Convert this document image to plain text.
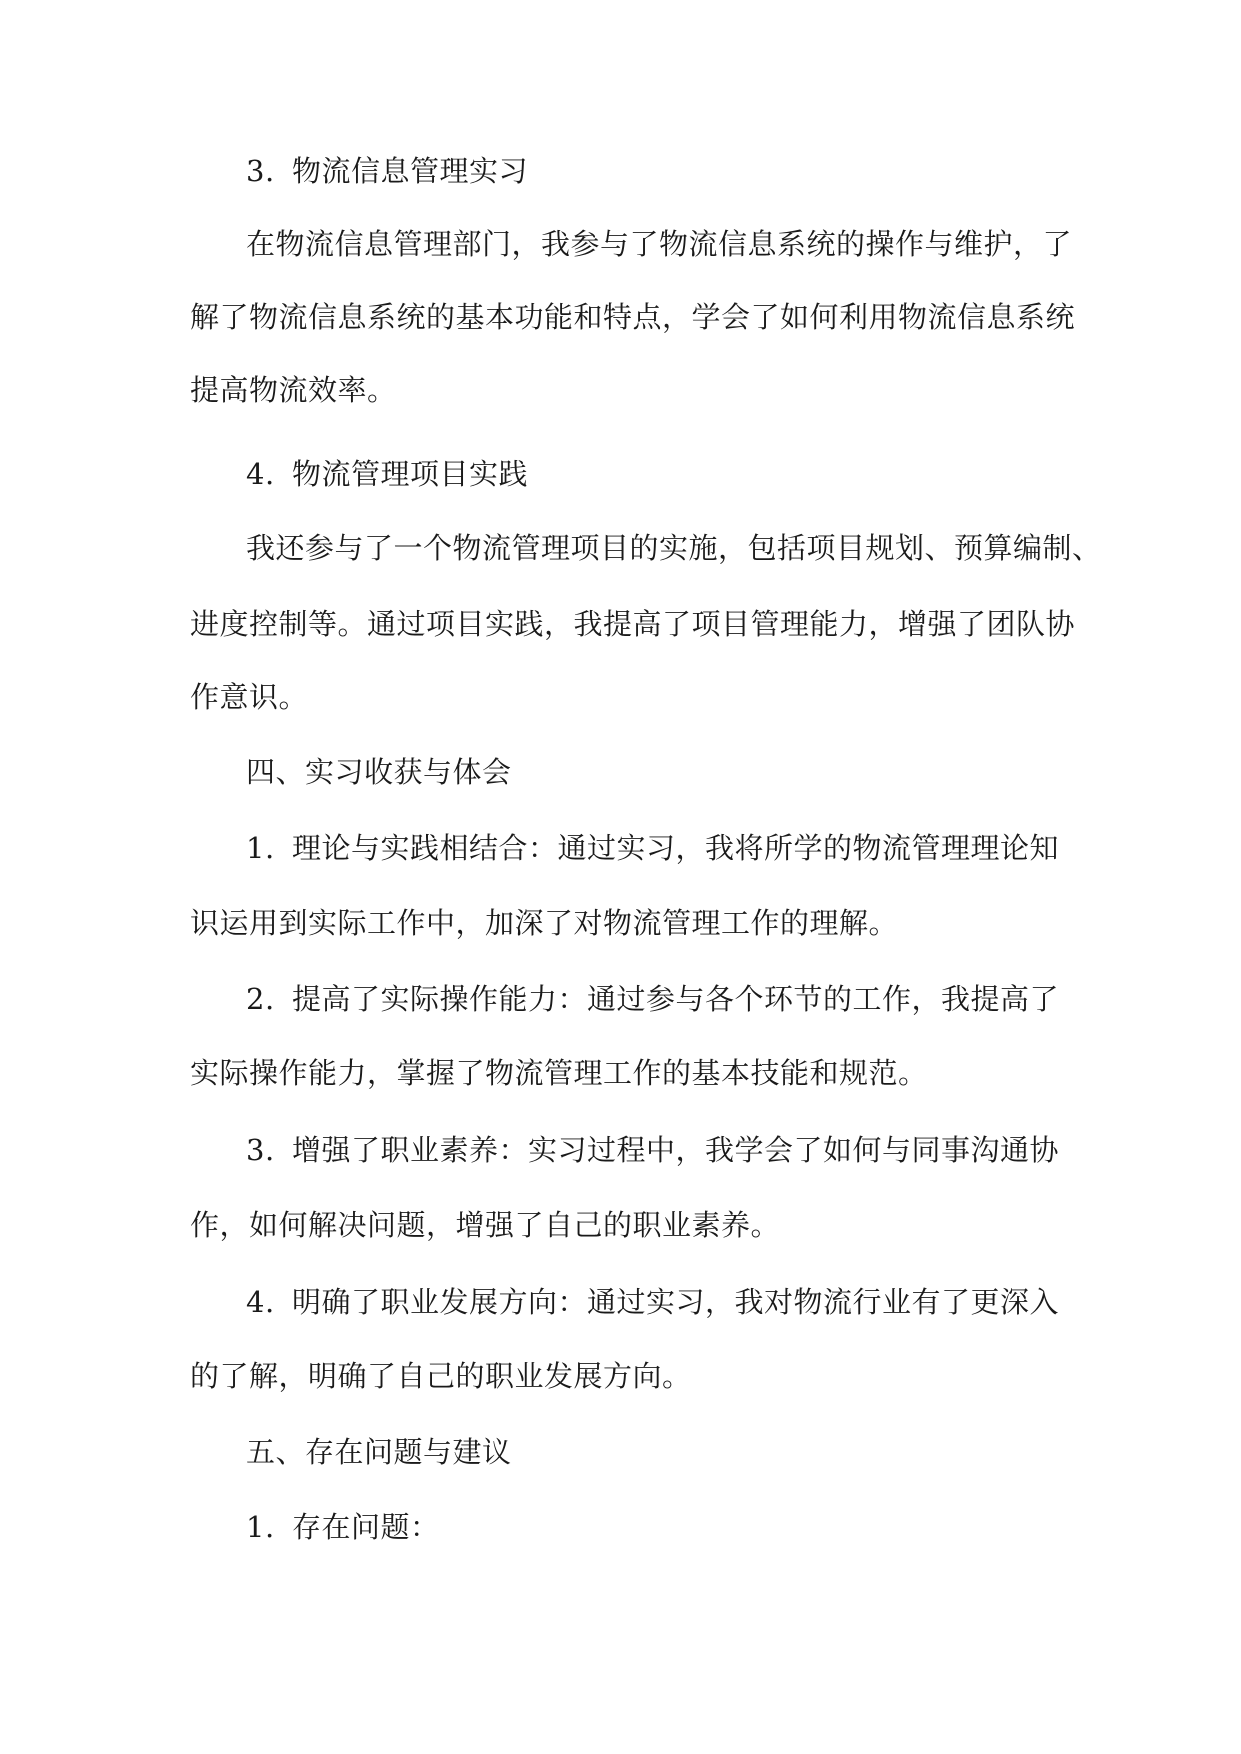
3. 物流信息管理实习
在物流信息管理部门，我参与了物流信息系统的操作与维护，了
解了物流信息系统的基本功能和特点，学会了如何利用物流信息系统
提高物流效率。
4. 物流管理项目实践
我还参与了一个物流管理项目的实施，包括项目规划、预算编制、
进度控制等。通过项目实践，我提高了项目管理能力，增强了团队协
作意识。
四、实习收获与体会
1. 理论与实践相结合：通过实习，我将所学的物流管理理论知
识运用到实际工作中，加深了对物流管理工作的理解。
2. 提高了实际操作能力：通过参与各个环节的工作，我提高了
实际操作能力，掌握了物流管理工作的基本技能和规范。
3. 增强了职业素养：实习过程中，我学会了如何与同事沟通协
作，如何解决问题，增强了自己的职业素养。
4. 明确了职业发展方向：通过实习，我对物流行业有了更深入
的了解，明确了自己的职业发展方向。
五、存在问题与建议
1. 存在问题：
